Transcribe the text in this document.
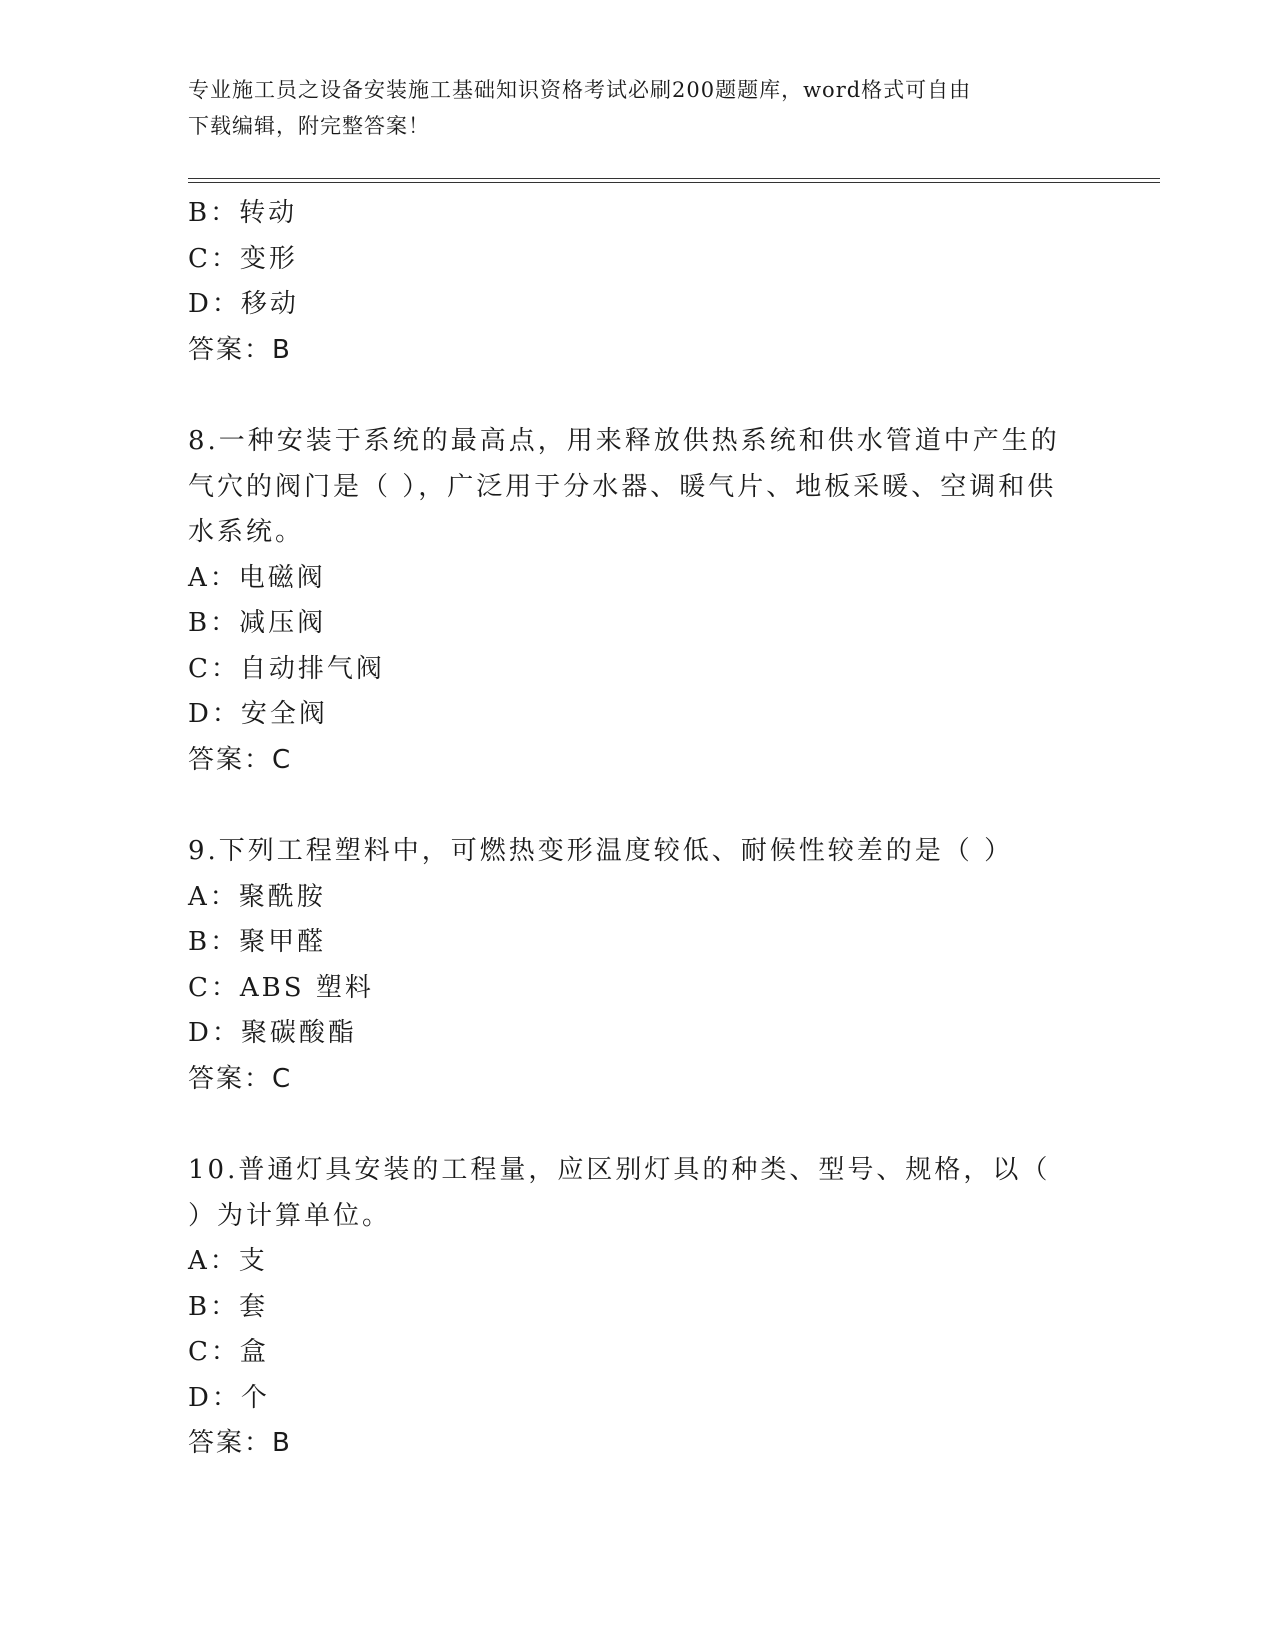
专业施工员之设备安装施工基础知识资格考试必刷200题题库，word格式可自由
下载编辑，附完整答案！
B：转动
C：变形
D：移动
答案：B
8.一种安装于系统的最高点，用来释放供热系统和供水管道中产生的
气穴的阀门是（ ），广泛用于分水器、暖气片、地板采暖、空调和供
水系统。
A：电磁阀
B：减压阀
C：自动排气阀
D：安全阀
答案：C
9.下列工程塑料中，可燃热变形温度较低、耐候性较差的是（ ）
A：聚酰胺
B：聚甲醛
C：ABS 塑料
D：聚碳酸酯
答案：C
10.普通灯具安装的工程量，应区别灯具的种类、型号、规格，以（
）为计算单位。
A：支
B：套
C：盒
D：个
答案：B
